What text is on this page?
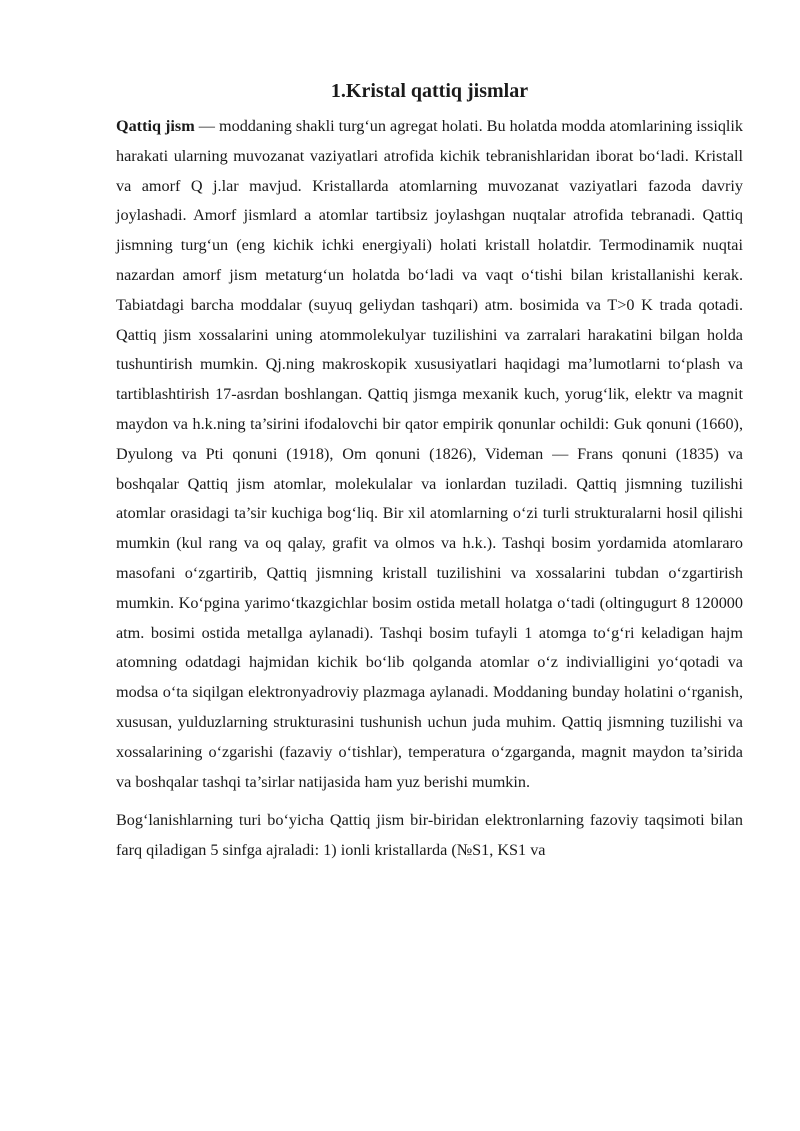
1.Kristal qattiq jismlar

Qattiq jism — moddaning shakli turg‘un agregat holati. Bu holatda modda atomlarining issiqlik harakati ularning muvozanat vaziyatlari atrofida kichik tebranishlaridan iborat bo‘ladi. Kristall va amorf Q j.lar mavjud. Kristallarda atomlarning muvozanat vaziyatlari fazoda davriy joylashadi. Amorf jismlard a atomlar tartibsiz joylashgan nuqtalar atrofida tebranadi. Qattiq jismning turg‘un (eng kichik ichki energiyali) holati kristall holatdir. Termodinamik nuqtai nazardan amorf jism metaturg‘un holatda bo‘ladi va vaqt o‘tishi bilan kristallanishi kerak. Tabiatdagi barcha moddalar (suyuq geliydan tashqari) atm. bosimida va T>0 K trada qotadi. Qattiq jism xossalarini uning atommolekulyar tuzilishini va zarralari harakatini bilgan holda tushuntirish mumkin. Qj.ning makroskopik xususiyatlari haqidagi ma’lumotlarni to‘plash va tartiblashtirish 17-asrdan boshlangan. Qattiq jismga mexanik kuch, yorug‘lik, elektr va magnit maydon va h.k.ning ta’sirini ifodalovchi bir qator empirik qonunlar ochildi: Guk qonuni (1660), Dyulong va Pti qonuni (1918), Om qonuni (1826), Videman — Frans qonuni (1835) va boshqalar Qattiq jism atomlar, molekulalar va ionlardan tuziladi. Qattiq jismning tuzilishi atomlar orasidagi ta’sir kuchiga bog‘liq. Bir xil atomlarning o‘zi turli strukturalarni hosil qilishi mumkin (kul rang va oq qalay, grafit va olmos va h.k.). Tashqi bosim yordamida atomlararo masofani o‘zgartirib, Qattiq jismning kristall tuzilishini va xossalarini tubdan o‘zgartirish mumkin. Ko‘pgina yarimo‘tkazgichlar bosim ostida metall holatga o‘tadi (oltingugurt 8 120000 atm. bosimi ostida metallga aylanadi). Tashqi bosim tufayli 1 atomga to‘g‘ri keladigan hajm atomning odatdagi hajmidan kichik bo‘lib qolganda atomlar o‘z indivialligini yo‘qotadi va modsa o‘ta siqilgan elektronyadroviy plazmaga aylanadi. Moddaning bunday holatini o‘rganish, xususan, yulduzlarning strukturasini tushunish uchun juda muhim. Qattiq jismning tuzilishi va xossalarining o‘zgarishi (fazaviy o‘tishlar), temperatura o‘zgarganda, magnit maydon ta’sirida va boshqalar tashqi ta’sirlar natijasida ham yuz berishi mumkin.

Bog‘lanishlarning turi bo‘yicha Qattiq jism bir-biridan elektronlarning fazoviy taqsimoti bilan farq qiladigan 5 sinfga ajraladi: 1) ionli kristallarda (№S1, KS1 va
